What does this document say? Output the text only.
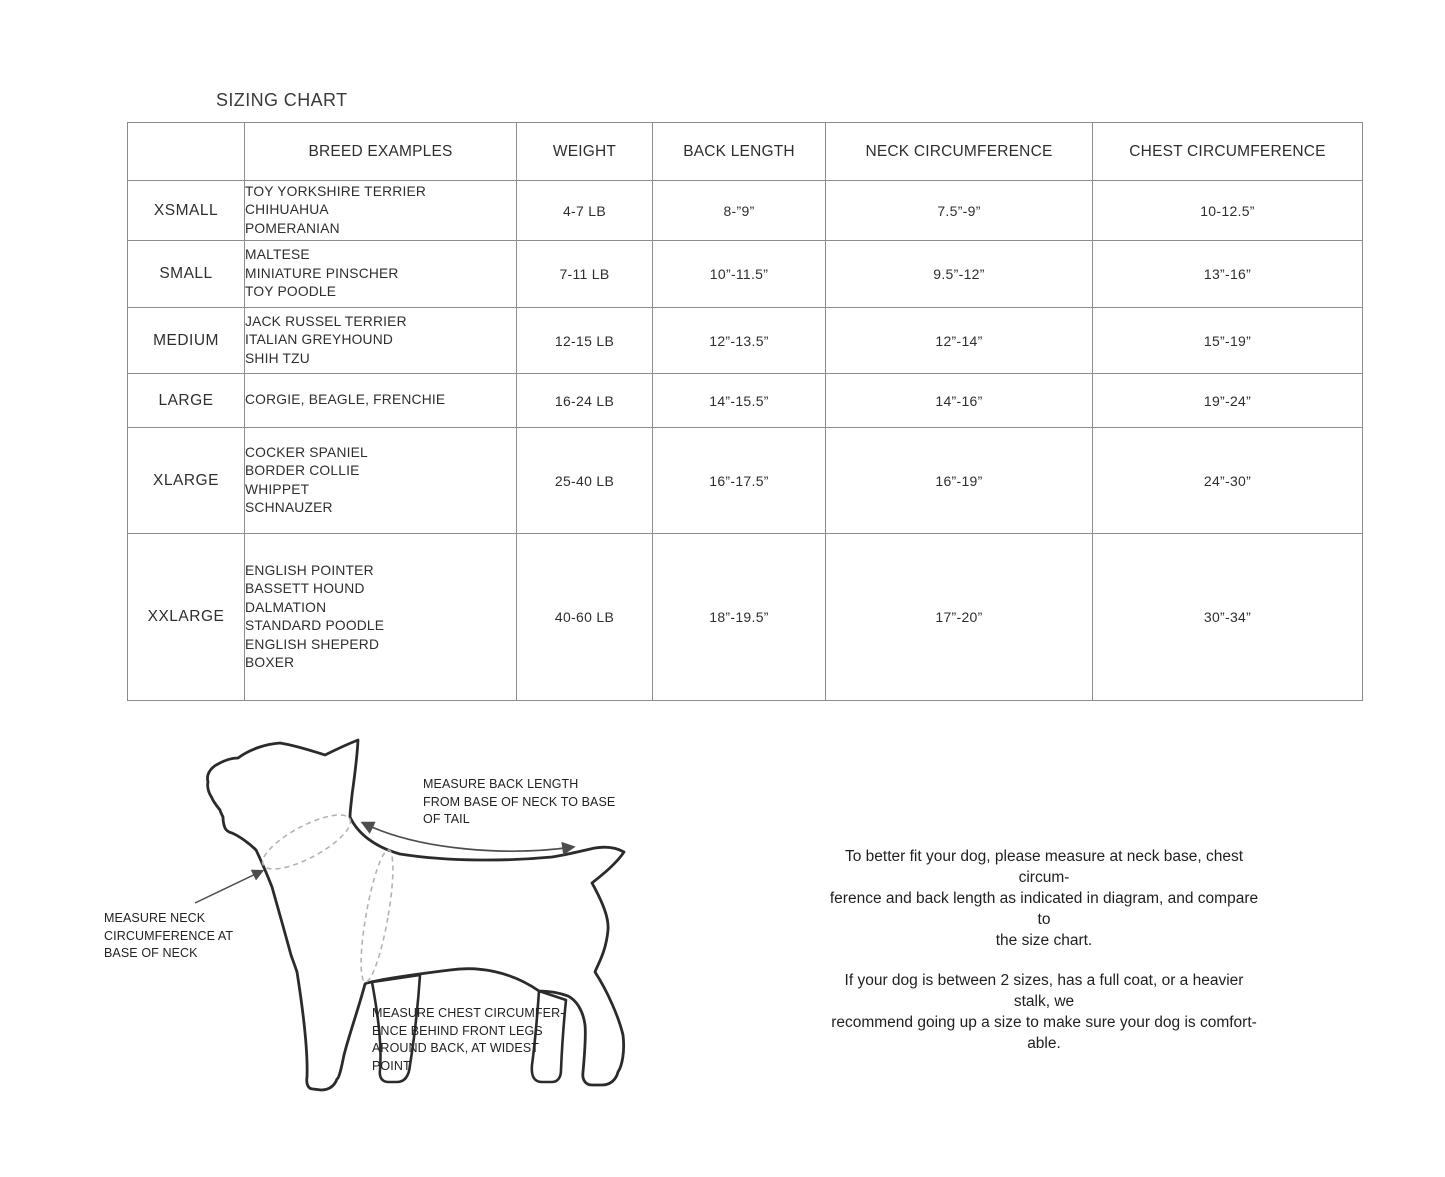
SIZING CHART
	BREED EXAMPLES	WEIGHT	BACK LENGTH	NECK CIRCUMFERENCE	CHEST CIRCUMFERENCE
XSMALL	TOY YORKSHIRE TERRIER
CHIHUAHUA
POMERANIAN	4-7 LB	8-”9”	7.5”-9”	10-12.5”
SMALL	MALTESE
MINIATURE PINSCHER
TOY POODLE	7-11 LB	10”-11.5”	9.5”-12”	13”-16”
MEDIUM	JACK RUSSEL TERRIER
ITALIAN GREYHOUND
SHIH TZU	12-15 LB	12”-13.5”	12”-14”	15”-19”
LARGE	CORGIE, BEAGLE, FRENCHIE	16-24 LB	14”-15.5”	14”-16”	19”-24”
XLARGE	COCKER SPANIEL
BORDER COLLIE
WHIPPET
SCHNAUZER	25-40 LB	16”-17.5”	16”-19”	24”-30”
XXLARGE	
ENGLISH POINTER
BASSETT HOUND
DALMATION
STANDARD POODLE
ENGLISH SHEPERD
BOXER
	40-60 LB	18”-19.5”	17”-20”	30”-34”
MEASURE BACK LENGTH
FROM BASE OF NECK TO BASE
OF TAIL
MEASURE NECK
CIRCUMFERENCE AT
BASE OF NECK
MEASURE CHEST CIRCUMFER-
ENCE BEHIND FRONT LEGS
AROUND BACK, AT WIDEST
POINT
To better fit your dog, please measure at neck base, chest circum-
ference and back length as indicated in diagram, and compare to
the size chart.
If your dog is between 2 sizes, has a full coat, or a heavier stalk, we
recommend going up a size to make sure your dog is comfort-
able.
